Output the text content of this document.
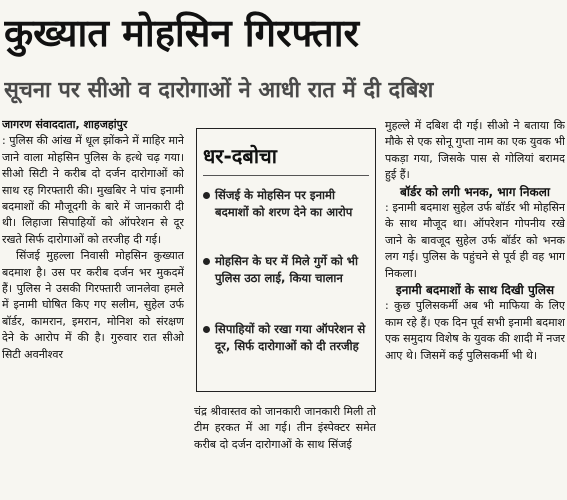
कुख्यात मोहसिन गिरफ्तार
सूचना पर सीओ व दारोगाओं ने आधी रात में दी दबिश

जागरण संवाददाता, शाहजहांपुर
: पुलिस की आंख में धूल झोंकने में माहिर माने जाने वाला मोहसिन पुलिस के हत्थे चढ़ गया। सीओ सिटी ने करीब दो दर्जन दारोगाओं को साथ रह गिरफ्तारी की। मुखबिर ने पांच इनामी बदमाशों की मौजूदगी के बारे में जानकारी दी थी। लिहाजा सिपाहियों को ऑपरेशन से दूर रखते सिर्फ दारोगाओं को तरजीह दी गई।

सिंजई मुहल्ला निवासी मोहसिन कुख्यात बदमाश है। उस पर करीब दर्जन भर मुकदमें हैं। पुलिस ने उसकी गिरफ्तारी जानलेवा हमले में इनामी घोषित किए गए सलीम, सुहेल उर्फ बॉर्डर, कामरान, इमरान, मोनिश को संरक्षण देने के आरोप में की है। गुरुवार रात सीओ सिटी अवनीश्वर

धर-दबोचा
सिंजई के मोहसिन पर इनामी बदमाशों को शरण देने का आरोप
मोहसिन के घर में मिले गुर्गे को भी पुलिस उठा लाई, किया चालान
सिपाहियों को रखा गया ऑपरेशन से दूर, सिर्फ दारोगाओं को दी तरजीह

चंद्र श्रीवास्तव को जानकारी जानकारी मिली तो टीम हरकत में आ गई। तीन इंस्पेक्टर समेत करीब दो दर्जन दारोगाओं के साथ सिंजई

मुहल्ले में दबिश दी गई। सीओ ने बताया कि मौके से एक सोनू गुप्ता नाम का एक युवक भी पकड़ा गया, जिसके पास से गोलियां बरामद हुई हैं।

बॉर्डर को लगी भनक, भाग निकला

: इनामी बदमाश सुहेल उर्फ बॉर्डर भी मोहसिन के साथ मौजूद था। ऑपरेशन गोपनीय रखे जाने के बावजूद सुहेल उर्फ बॉर्डर को भनक लग गई। पुलिस के पहुंचने से पूर्व ही वह भाग निकला।

इनामी बदमाशों के साथ दिखी पुलिस

: कुछ पुलिसकर्मी अब भी माफिया के लिए काम रहे हैं। एक दिन पूर्व सभी इनामी बदमाश एक समुदाय विशेष के युवक की शादी में नजर आए थे। जिसमें कई पुलिसकर्मी भी थे।
